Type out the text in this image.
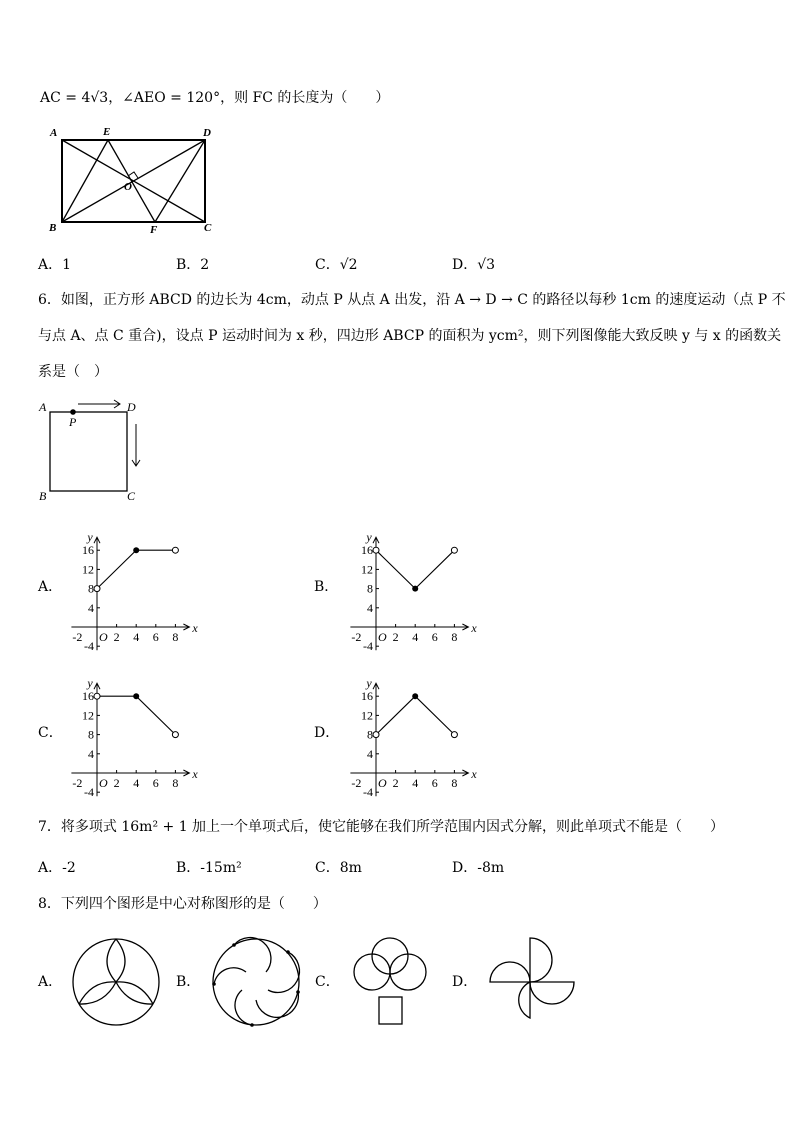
AC = 4√3，∠AEO = 120°，则 FC 的长度为（　　）
A	E	D
O
B	F	C
A．1	B．2	C．√2	D．√3
6．如图，正方形 ABCD 的边长为 4cm，动点 P 从点 A 出发，沿 A → D → C 的路径以每秒 1cm 的速度运动（点 P 不
与点 A、点 C 重合)，设点 P 运动时间为 x 秒，四边形 ABCP 的面积为 ycm²，则下列图像能大致反映 y 与 x 的函数关
系是（　）
A	D
P
B	C
A．	B．
C．	D．
y
x
O
-2	2 4 6 8
16
12
8
4
-4
y
x
O
-2	2 4 6 8
16
12
8
4
-4
y
x
O
-2	2 4 6 8
16
12
8
4
-4
y
x
O
-2	2 4 6 8
16
12
8
4
-4
7．将多项式 16m² + 1 加上一个单项式后，使它能够在我们所学范围内因式分解，则此单项式不能是（　　）
A．-2	B．-15m²	C．8m	D．-8m
8．下列四个图形是中心对称图形的是（　　）
A．	B．	C．	D．
